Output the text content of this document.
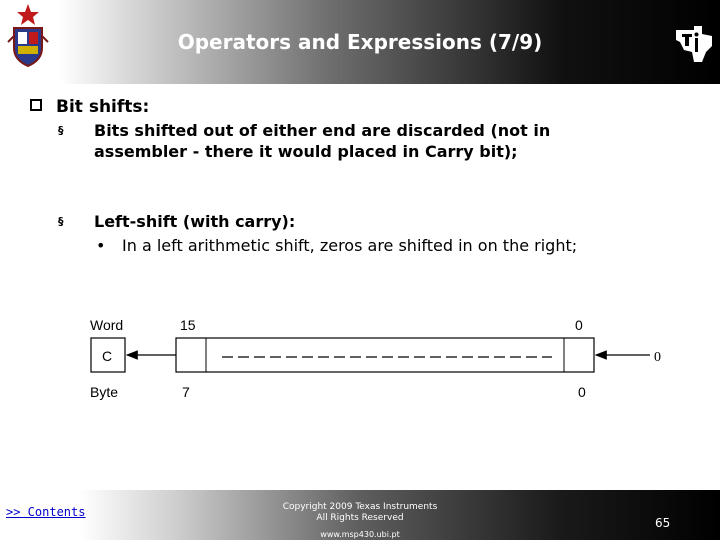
UBI
Operators and Expressions (7/9)
Bit shifts:
§ Bits shifted out of either end are discarded (not in
assembler - there it would placed in Carry bit);
§ Left-shift (with carry):
• In a left arithmetic shift, zeros are shifted in on the right;
Word	15	0
C	0
Byte	7	0
>> Contents	Copyright 2009 Texas Instruments
All Rights Reserved
www.msp430.ubi.pt
65
